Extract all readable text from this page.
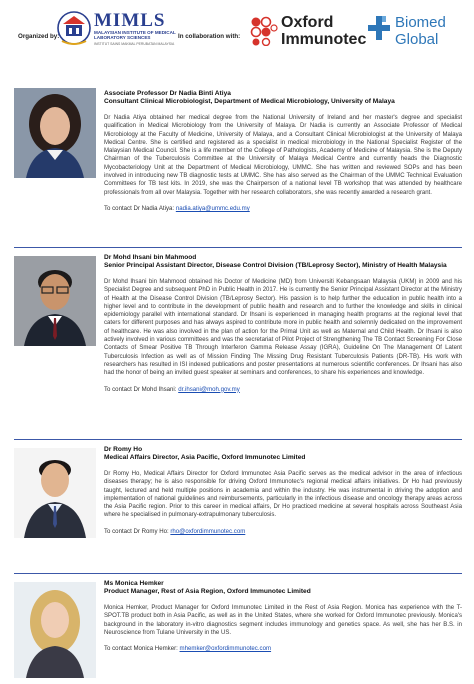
Organized by:
MIMLS
MALAYSIAN INSTITUTE OF MEDICAL LABORATORY SCIENCES
INSTITUT SAINS MAKMAL PERUBATAN MALAYSIA
In collaboration with:
Oxford
Immunotec
Biomed
Global
Associate Professor Dr Nadia Binti Atiya
Consultant Clinical Microbiologist, Department of Medical Microbiology, University of Malaya
Dr Nadia Atiya obtained her medical degree from the National University of Ireland and her master's degree and specialist qualification in Medical Microbiology from the University of Malaya. Dr Nadia is currently an Associate Professor of Medical Microbiology at the Faculty of Medicine, University of Malaya, and a Consultant Clinical Microbiologist at the University of Malaya Medical Centre. She is certified and registered as a specialist in medical microbiology in the National Specialist Register of the Malaysian Medical Council. She is a life member of the College of Pathologists, Academy of Medicine of Malaysia. She is the Deputy Chairman of the Tuberculosis Committee at the University of Malaya Medical Centre and currently heads the Diagnostic Mycobacteriology Unit at the Department of Medical Microbiology, UMMC. She has written and reviewed SOPs and has been involved in introducing new TB diagnostic tests at UMMC. She has also served as the Chairman of the UMMC Technical Evaluation Committees for TB test kits. In 2019, she was the Chairperson of a national level TB workshop that was attended by healthcare professionals from all over Malaysia. Together with her research collaborators, she was recently awarded a research grant.
To contact Dr Nadia Atiya: nadia.atiya@ummc.edu.my
Dr Mohd Ihsani bin Mahmood
Senior Principal Assistant Director, Disease Control Division (TB/Leprosy Sector), Ministry of Health Malaysia
Dr Mohd Ihsani bin Mahmood obtained his Doctor of Medicine (MD) from Universiti Kebangsaan Malaysia (UKM) in 2009 and his Specialist Degree and subsequent PhD in Public Health in 2017. He is currently the Senior Principal Assistant Director at the Ministry of Health at the Disease Control Division (TB/Leprosy Sector). His passion is to help further the education in public health into a higher level and to contribute in the development of public health and research and to further the knowledge and skills in clinical epidemiology parallel with international standard. Dr Ihsani is experienced in managing health programs at the regional level that caters for different purposes and has always aspired to contribute more in public health and solemnly dedicated on the improvement of healthcare. He was also involved in the plan of action for the Primal Unit as well as Maternal and Child Health. Dr Ihsani is also actively involved in various committees and was the secretariat of Pilot Project of Strengthening The TB Contact Screening For Close Contacts of Smear Positive TB Through Interferon Gamma Release Assay (IGRA), Guideline On The Management Of Latent Tuberculosis Infection as well as of Mission Finding The Missing Drug Resistant Tuberculosis Patients (DR-TB). His work with researchers has resulted in ISI indexed publications and poster presentations at numerous scientific conferences. Dr Ihsani has also had the honor of being an invited guest speaker at seminars and conferences, to share his experiences and knowledge.
To contact Dr Mohd Ihsani: dr.ihsani@moh.gov.my
Dr Romy Ho
Medical Affairs Director, Asia Pacific, Oxford Immunotec Limited
Dr Romy Ho, Medical Affairs Director for Oxford Immunotec Asia Pacific serves as the medical advisor in the area of infectious diseases therapy; he is also responsible for driving Oxford Immunotec's regional medical affairs initiatives. Dr Ho had previously taught, lectured and held multiple positions in academia and within the industry. He was instrumental in driving the adoption and implementation of national guidelines and reimbursements, particularly in the infectious disease and oncology therapy areas across the Asia Pacific region. Prior to this career in medical affairs, Dr Ho practiced medicine at several hospitals across Southeast Asia where he specialised in pulmonary-extrapulmonary tuberculosis.
To contact Dr Romy Ho: rho@oxfordimmunotec.com
Ms Monica Hemker
Product Manager, Rest of Asia Region, Oxford Immunotec Limited
Monica Hemker, Product Manager for Oxford Immunotec Limited in the Rest of Asia Region. Monica has experience with the T-SPOT.TB product both in Asia Pacific, as well as in the United States, where she worked for Oxford Immunotec previously. Monica's background in the laboratory in-vitro diagnostics segment includes immunology and genetics space. As well, she has her B.S. in Neuroscience from Tulane University in the US.
To contact Monica Hemker: mhemker@oxfordimmunotec.com
